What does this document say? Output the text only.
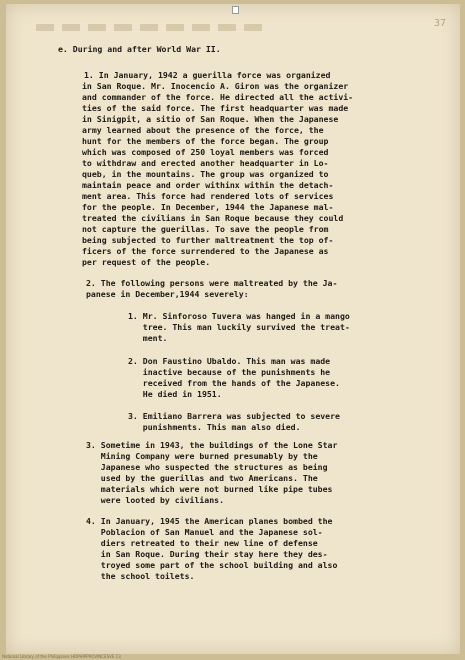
37
e. During and after World War II.
1. In January, 1942 a guerilla force was organized
in San Roque. Mr. Inocencio A. Giron was the organizer
and commander of the force. He directed all the activi-
ties of the said force. The first headquarter was made
in Sinigpit, a sitio of San Roque. When the Japanese
army learned about the presence of the force, the
hunt for the members of the force began. The group
which was composed of 250 loyal members was forced
to withdraw and erected another headquarter in Lo-
queb, in the mountains. The group was organized to
maintain peace and order withinx within the detach-
ment area. This force had rendered lots of services
for the people. In December, 1944 the Japanese mal-
treated the civilians in San Roque because they could
not capture the guerillas. To save the people from
being subjected to further maltreatment the top of-
ficers of the force surrendered to the Japanese as
per request of the people.
2. The following persons were maltreated by the Ja-
panese in December,1944 severely:
1. Mr. Sinforoso Tuvera was hanged in a mango
tree. This man luckily survived the treat-
ment.
2. Don Faustino Ubaldo. This man was made
inactive because of the punishments he
received from the hands of the Japanese.
He died in 1951.
3. Emiliano Barrera was subjected to severe
punishments. This man also died.
3. Sometime in 1943, the buildings of the Lone Star
Mining Company were burned presumably by the
Japanese who suspected the structures as being
used by the guerillas and two Americans. The
materials which were not burned like pipe tubes
were looted by civilians.
4. In January, 1945 the American planes bombed the
Poblacion of San Manuel and the Japanese sol-
diers retreated to their new line of defense
in San Roque. During their stay here they des-
troyed some part of the school building and also
the school toilets.
National Library of the Philippines HDPHIPPROVINCESVE 13
